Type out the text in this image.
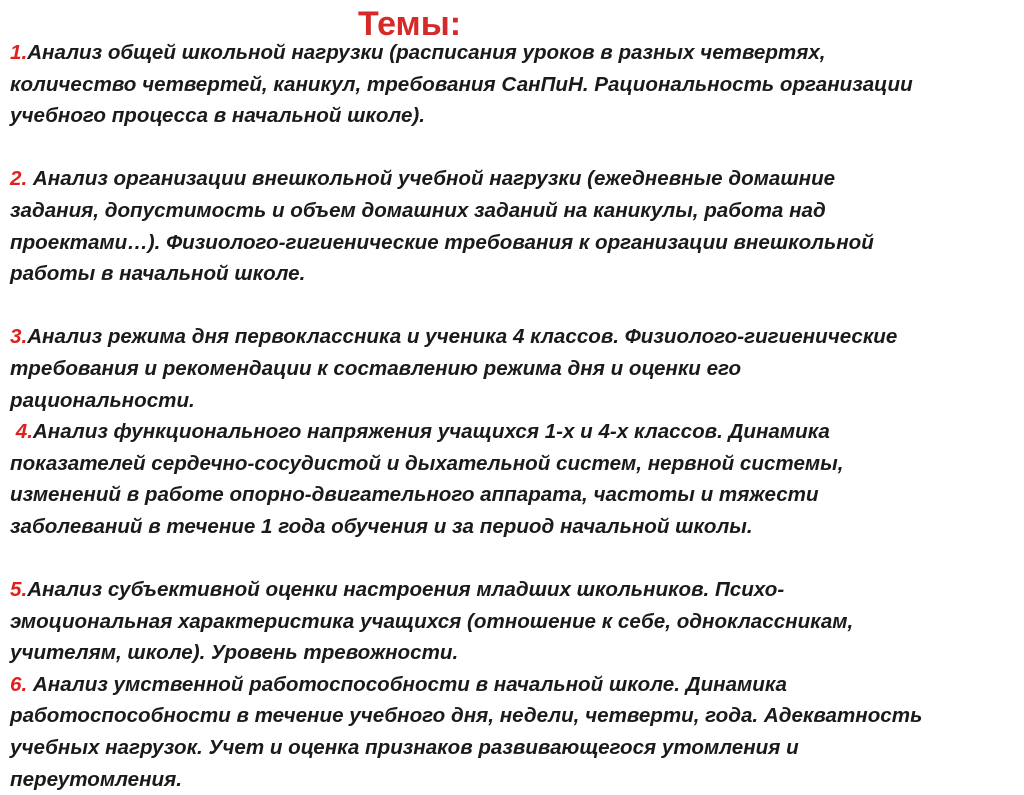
Темы:

1.Анализ общей школьной нагрузки (расписания уроков в разных четвертях,
количество четвертей, каникул, требования СанПиН. Рациональность организации
учебного процесса в начальной школе).

2. Анализ организации внешкольной учебной нагрузки (ежедневные домашние
задания, допустимость и объем домашних заданий на каникулы, работа над
проектами…). Физиолого-гигиенические требования к организации внешкольной
работы в начальной школе.

3.Анализ режима дня первоклассника и ученика 4 классов. Физиолого-гигиенические
требования и рекомендации к составлению режима дня и оценки его
рациональности.

4.Анализ функционального напряжения учащихся 1-х и 4-х классов. Динамика
показателей сердечно-сосудистой и дыхательной систем, нервной системы,
изменений в работе опорно-двигательного аппарата, частоты и тяжести
заболеваний в течение 1 года обучения и за период начальной школы.

5.Анализ субъективной оценки настроения младших школьников. Психо-
эмоциональная характеристика учащихся (отношение к себе, одноклассникам,
учителям, школе). Уровень тревожности.

6. Анализ умственной работоспособности в начальной школе. Динамика
работоспособности в течение учебного дня, недели, четверти, года. Адекватность
учебных нагрузок. Учет и оценка признаков развивающегося утомления и
переутомления.
